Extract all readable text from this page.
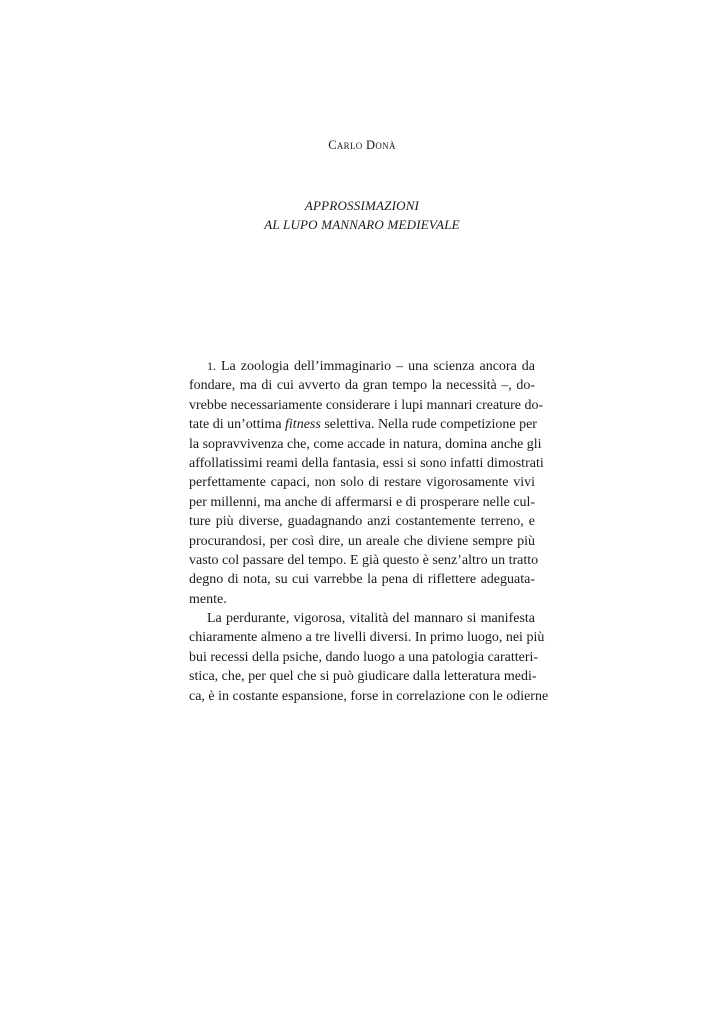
Carlo Donà
APPROSSIMAZIONI
AL LUPO MANNARO MEDIEVALE
1. La zoologia dell’immaginario – una scienza ancora da
fondare, ma di cui avverto da gran tempo la necessità –, do-
vrebbe necessariamente considerare i lupi mannari creature do-
tate di un’ottima fitness selettiva. Nella rude competizione per
la sopravvivenza che, come accade in natura, domina anche gli
affollatissimi reami della fantasia, essi si sono infatti dimostrati
perfettamente capaci, non solo di restare vigorosamente vivi
per millenni, ma anche di affermarsi e di prosperare nelle cul-
ture più diverse, guadagnando anzi costantemente terreno, e
procurandosi, per così dire, un areale che diviene sempre più
vasto col passare del tempo. E già questo è senz’altro un tratto
degno di nota, su cui varrebbe la pena di riflettere adeguata-
mente.
La perdurante, vigorosa, vitalità del mannaro si manifesta
chiaramente almeno a tre livelli diversi. In primo luogo, nei più
bui recessi della psiche, dando luogo a una patologia caratteri-
stica, che, per quel che si può giudicare dalla letteratura medi-
ca, è in costante espansione, forse in correlazione con le odierne
